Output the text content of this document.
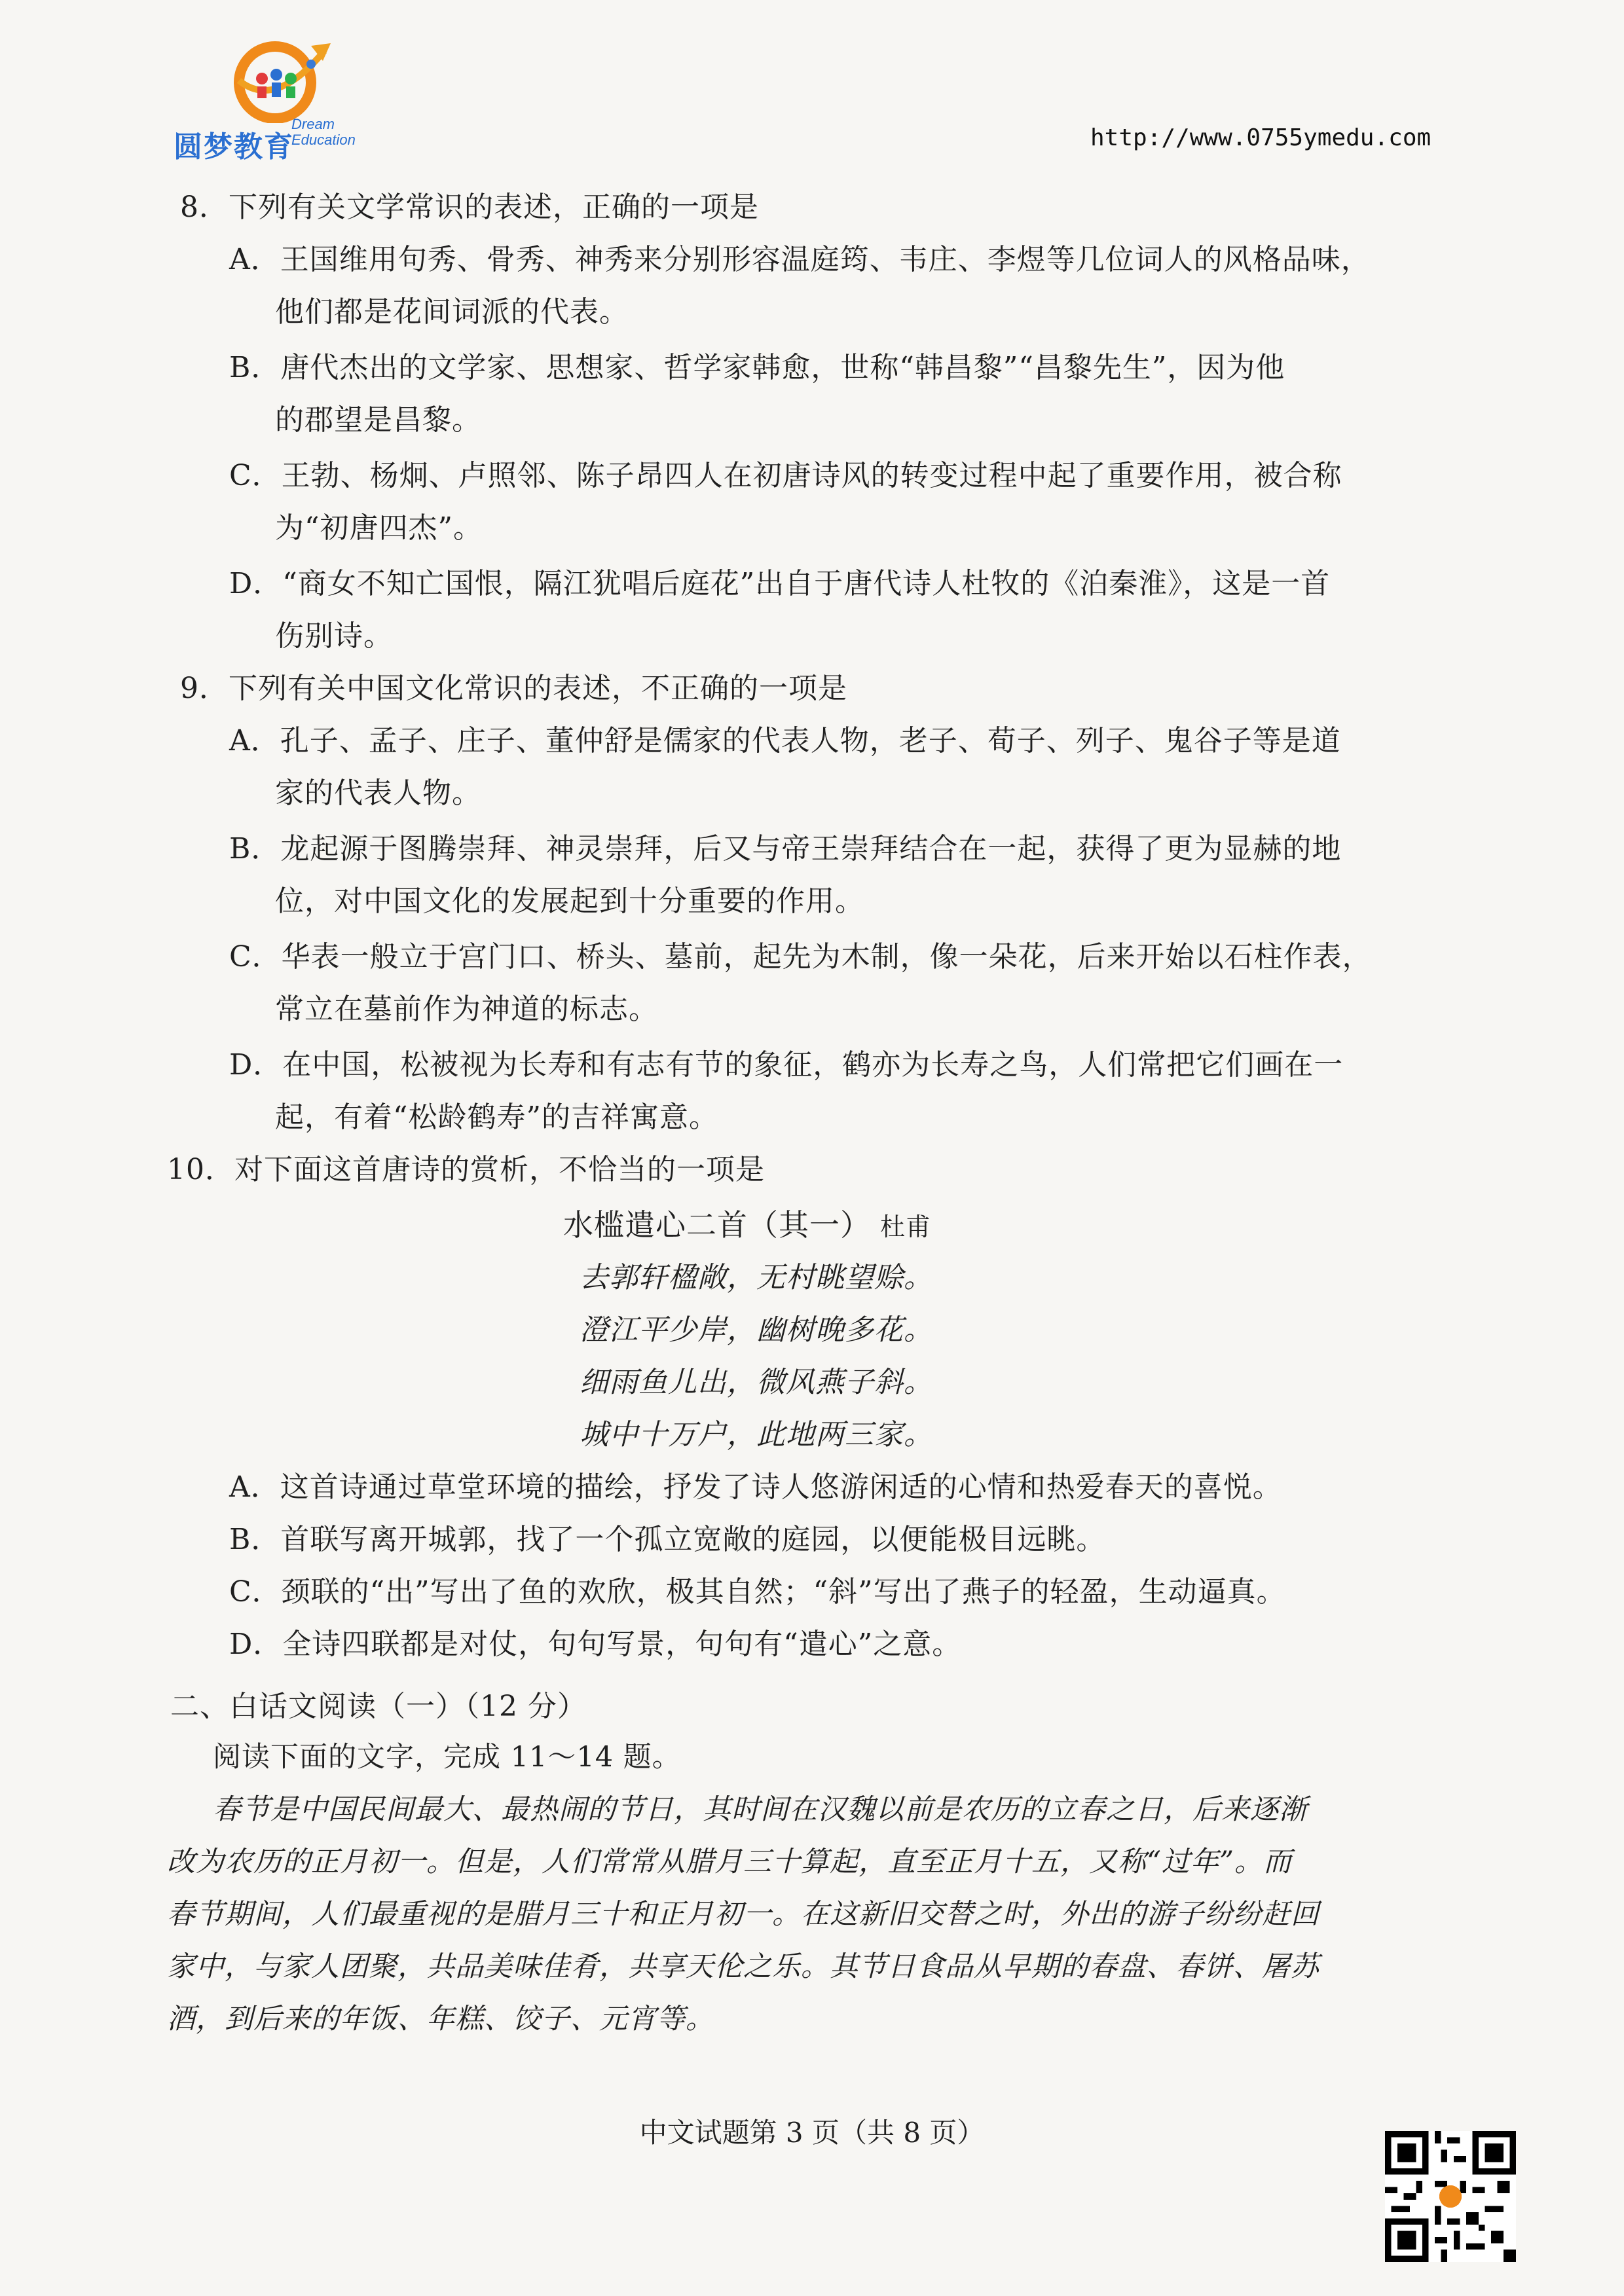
圆梦教育
Dream
Education	http://www.0755ymedu.com
8．下列有关文学常识的表述，正确的一项是
A．王国维用句秀、骨秀、神秀来分别形容温庭筠、韦庄、李煜等几位词人的风格品味，
他们都是花间词派的代表。
B．唐代杰出的文学家、思想家、哲学家韩愈，世称“韩昌黎”“昌黎先生”，因为他
的郡望是昌黎。
C．王勃、杨炯、卢照邻、陈子昂四人在初唐诗风的转变过程中起了重要作用，被合称
为“初唐四杰”。
D．“商女不知亡国恨，隔江犹唱后庭花”出自于唐代诗人杜牧的《泊秦淮》，这是一首
伤别诗。
9．下列有关中国文化常识的表述，不正确的一项是
A．孔子、孟子、庄子、董仲舒是儒家的代表人物，老子、荀子、列子、鬼谷子等是道
家的代表人物。
B．龙起源于图腾崇拜、神灵崇拜，后又与帝王崇拜结合在一起，获得了更为显赫的地
位，对中国文化的发展起到十分重要的作用。
C．华表一般立于宫门口、桥头、墓前，起先为木制，像一朵花，后来开始以石柱作表，
常立在墓前作为神道的标志。
D．在中国，松被视为长寿和有志有节的象征，鹤亦为长寿之鸟，人们常把它们画在一
起，有着“松龄鹤寿”的吉祥寓意。
10．对下面这首唐诗的赏析，不恰当的一项是
水槛遣心二首（其一） 杜甫
去郭轩楹敞，无村眺望赊。
澄江平少岸，幽树晚多花。
细雨鱼儿出，微风燕子斜。
城中十万户，此地两三家。
A．这首诗通过草堂环境的描绘，抒发了诗人悠游闲适的心情和热爱春天的喜悦。
B．首联写离开城郭，找了一个孤立宽敞的庭园，以便能极目远眺。
C．颈联的“出”写出了鱼的欢欣，极其自然；“斜”写出了燕子的轻盈，生动逼真。
D．全诗四联都是对仗，句句写景，句句有“遣心”之意。
二、白话文阅读（一）（12 分）
阅读下面的文字，完成 11～14 题。
春节是中国民间最大、最热闹的节日，其时间在汉魏以前是农历的立春之日，后来逐渐
改为农历的正月初一。但是，人们常常从腊月三十算起，直至正月十五，又称“过年”。而
春节期间，人们最重视的是腊月三十和正月初一。在这新旧交替之时，外出的游子纷纷赶回
家中，与家人团聚，共品美味佳肴，共享天伦之乐。其节日食品从早期的春盘、春饼、屠苏
酒，到后来的年饭、年糕、饺子、元宵等。
中文试题第 3 页（共 8 页）
